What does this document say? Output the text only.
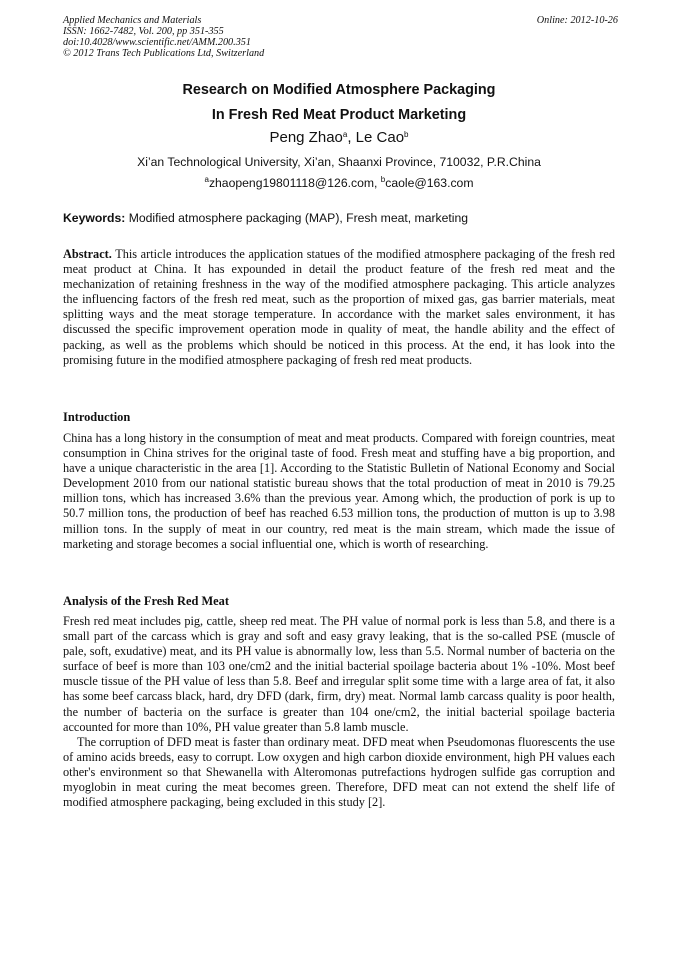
Applied Mechanics and Materials
ISSN: 1662-7482, Vol. 200, pp 351-355
doi:10.4028/www.scientific.net/AMM.200.351
© 2012 Trans Tech Publications Ltd, Switzerland
Online: 2012-10-26
Research on Modified Atmosphere Packaging
In Fresh Red Meat Product Marketing
Peng Zhao$^a$, Le Cao$^b$
Xi’an Technological University, Xi’an, Shaanxi Province, 710032, P.R.China
$^a$zhaopeng19801118@126.com, $^b$caole@163.com
Keywords: Modified atmosphere packaging (MAP), Fresh meat, marketing
Abstract. This article introduces the application statues of the modified atmosphere packaging of the fresh red meat product at China. It has expounded in detail the product feature of the fresh red meat and the mechanization of retaining freshness in the way of the modified atmosphere packaging. This article analyzes the influencing factors of the fresh red meat, such as the proportion of mixed gas, gas barrier materials, meat splitting ways and the meat storage temperature. In accordance with the market sales environment, it has discussed the specific improvement operation mode in quality of meat, the handle ability and the effect of packing, as well as the problems which should be noticed in this process. At the end, it has look into the promising future in the modified atmosphere packaging of fresh red meat products.
Introduction
China has a long history in the consumption of meat and meat products. Compared with foreign countries, meat consumption in China strives for the original taste of food. Fresh meat and stuffing have a big proportion, and have a unique characteristic in the area [1]. According to the Statistic Bulletin of National Economy and Social Development 2010 from our national statistic bureau shows that the total production of meat in 2010 is 79.25 million tons, which has increased 3.6% than the previous year. Among which, the production of pork is up to 50.7 million tons, the production of beef has reached 6.53 million tons, the production of mutton is up to 3.98 million tons. In the supply of meat in our country, red meat is the main stream, which made the issue of marketing and storage becomes a social influential one, which is worth of researching.
Analysis of the Fresh Red Meat

Fresh red meat includes pig, cattle, sheep red meat. The PH value of normal pork is less than 5.8, and there is a small part of the carcass which is gray and soft and easy gravy leaking, that is the so-called PSE (muscle of pale, soft, exudative) meat, and its PH value is abnormally low, less than 5.5. Normal number of bacteria on the surface of beef is more than 103 one/cm2 and the initial bacterial spoilage bacteria about 1% -10%. Most beef muscle tissue of the PH value of less than 5.8. Beef and irregular split some time with a large area of fat, it also has some beef carcass black, hard, dry DFD (dark, firm, dry) meat. Normal lamb carcass quality is poor health, the number of bacteria on the surface is greater than 104 one/cm2, the initial bacterial spoilage bacteria accounted for more than 10%, PH value greater than 5.8 lamb muscle.

The corruption of DFD meat is faster than ordinary meat. DFD meat when Pseudomonas fluorescents the use of amino acids breeds, easy to corrupt. Low oxygen and high carbon dioxide environment, high PH values each other's environment so that Shewanella with Alteromonas putrefactions hydrogen sulfide gas corruption and myoglobin in meat curing the meat becomes green. Therefore, DFD meat can not extend the shelf life of modified atmosphere packaging, being excluded in this study [2].
